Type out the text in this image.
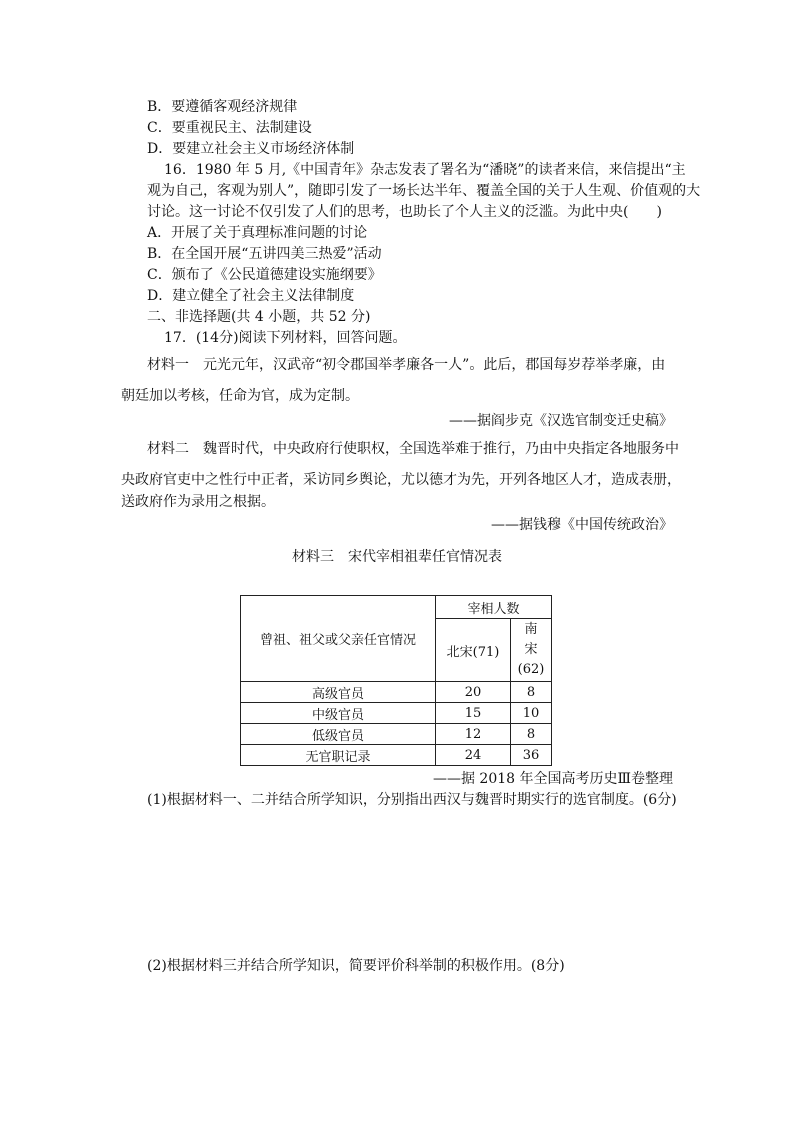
B．要遵循客观经济规律
C．要重视民主、法制建设
D．要建立社会主义市场经济体制
16．1980 年 5 月,《中国青年》杂志发表了署名为“潘晓”的读者来信，来信提出“主
观为自己，客观为别人”，随即引发了一场长达半年、覆盖全国的关于人生观、价值观的大
讨论。这一讨论不仅引发了人们的思考，也助长了个人主义的泛滥。为此中央(　　)
A．开展了关于真理标准问题的讨论
B．在全国开展“五讲四美三热爱”活动
C．颁布了《公民道德建设实施纲要》
D．建立健全了社会主义法律制度
二、非选择题(共 4 小题，共 52 分)
17．(14分)阅读下列材料，回答问题。
材料一　元光元年，汉武帝“初令郡国举孝廉各一人”。此后，郡国每岁荐举孝廉，由
朝廷加以考核，任命为官，成为定制。
——据阎步克《汉选官制变迁史稿》
材料二　魏晋时代，中央政府行使职权，全国选举难于推行，乃由中央指定各地服务中
央政府官吏中之性行中正者，采访同乡舆论，尤以德才为先，开列各地区人才，造成表册，
送政府作为录用之根据。
——据钱穆《中国传统政治》
材料三　宋代宰相祖辈任官情况表
曾祖、祖父或父亲任官情况	宰相人数	
	北宋(71)	南
宋
(62)

高级官员	20	8
中级官员	15	10
低级官员	12	8
无官职记录	24	36
——据 2018 年全国高考历史Ⅲ卷整理
(1)根据材料一、二并结合所学知识，分别指出西汉与魏晋时期实行的选官制度。(6分)
(2)根据材料三并结合所学知识，简要评价科举制的积极作用。(8分)
